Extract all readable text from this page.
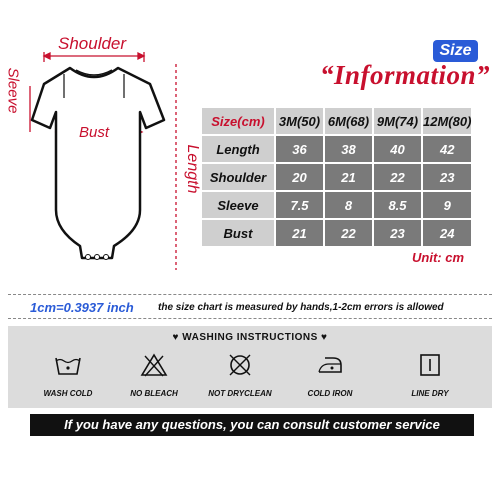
Shoulder
Bust
Sleeve
Length
Size
“Information”
Size(cm)	3M(50)	6M(68)	9M(74)	12M(80)
Length	36	38	40	42
Shoulder	20	21	22	23
Sleeve	7.5	8	8.5	9
Bust	21	22	23	24
Unit: cm
1cm=0.3937 inch the size chart is measured by hands,1-2cm errors is allowed
♥ WASHING INSTRUCTIONS ♥
WASH COLD	NO BLEACH	NOT DRYCLEAN	COLD IRON	LINE DRY
If you have any questions, you can consult customer service
